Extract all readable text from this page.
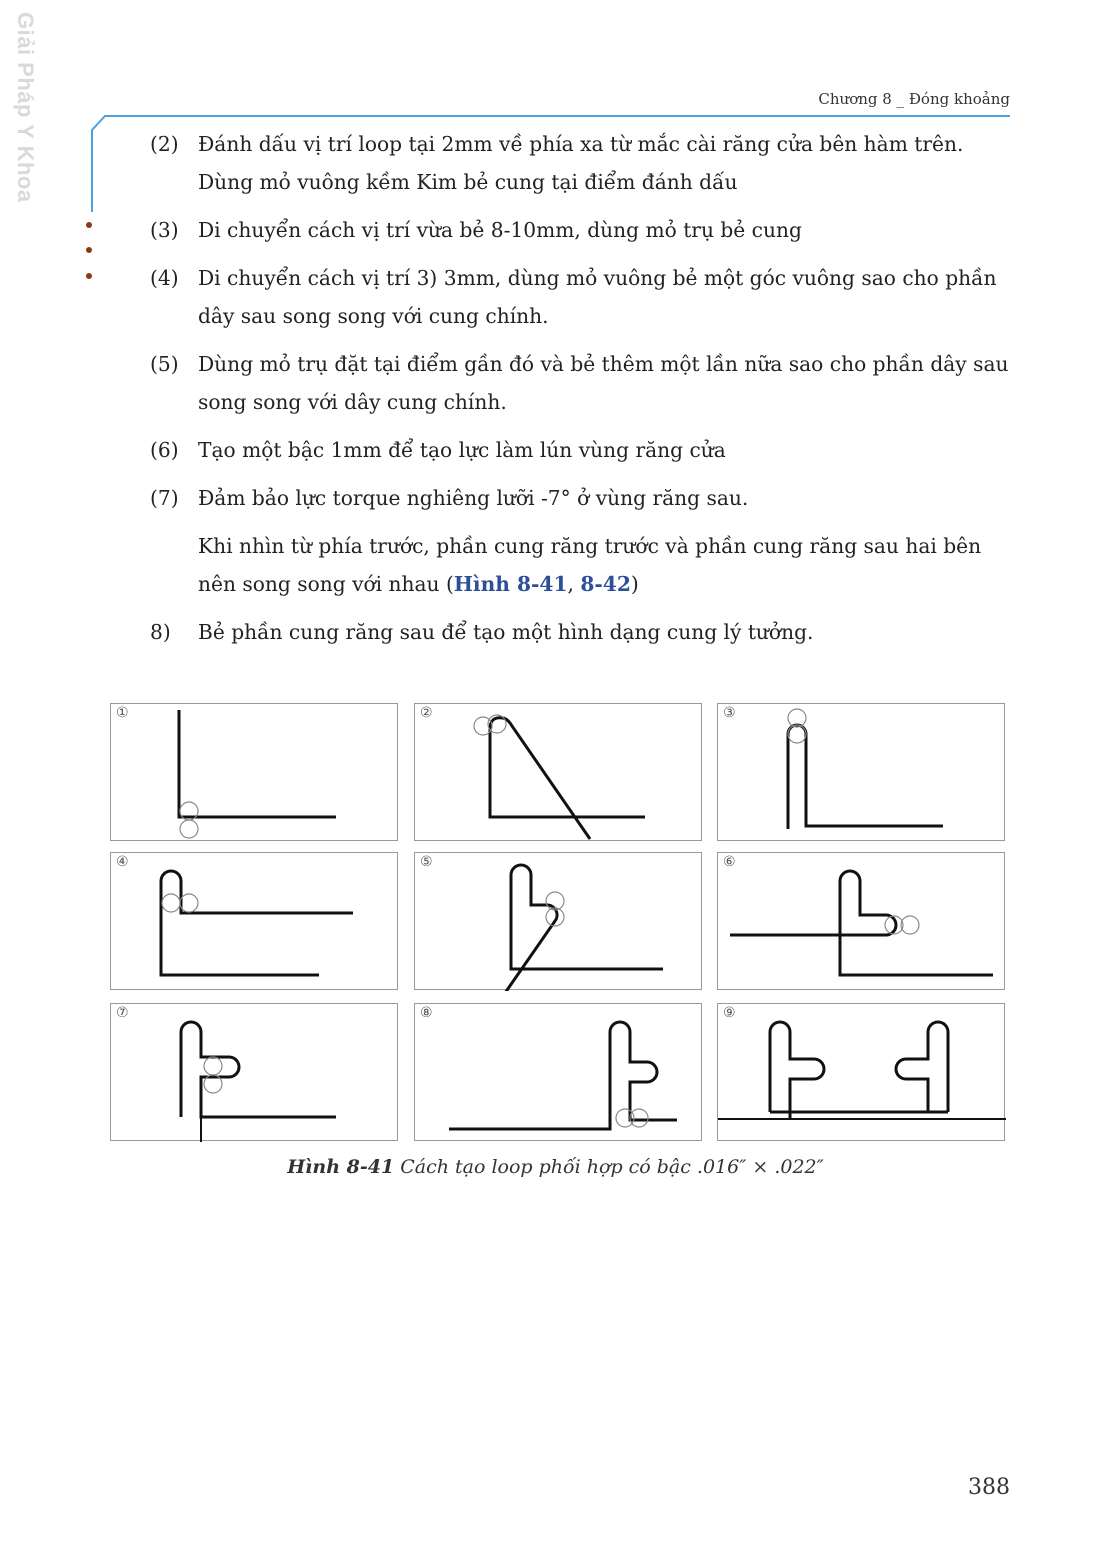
Giải Pháp Y Khoa	Chương 8 _ Đóng khoảng
(2) Đánh dấu vị trí loop tại 2mm về phía xa từ mắc cài răng cửa bên hàm trên. Dùng mỏ vuông kềm Kim bẻ cung tại điểm đánh dấu
(3) Di chuyển cách vị trí vừa bẻ 8-10mm, dùng mỏ trụ bẻ cung
(4) Di chuyển cách vị trí 3) 3mm, dùng mỏ vuông bẻ một góc vuông sao cho phần dây sau song song với cung chính.
(5) Dùng mỏ trụ đặt tại điểm gần đó và bẻ thêm một lần nữa sao cho phần dây sau song song với dây cung chính.
(6) Tạo một bậc 1mm để tạo lực làm lún vùng răng cửa
(7) Đảm bảo lực torque nghiêng lưỡi -7° ở vùng răng sau.
Khi nhìn từ phía trước, phần cung răng trước và phần cung răng sau hai bên nên song song với nhau (Hình 8-41, 8-42)
8)	Bẻ phần cung răng sau để tạo một hình dạng cung lý tưởng.
①	②	③
④	⑤	⑥
⑦	⑧	⑨
Hình 8-41 Cách tạo loop phối hợp có bậc .016″ × .022″
388
